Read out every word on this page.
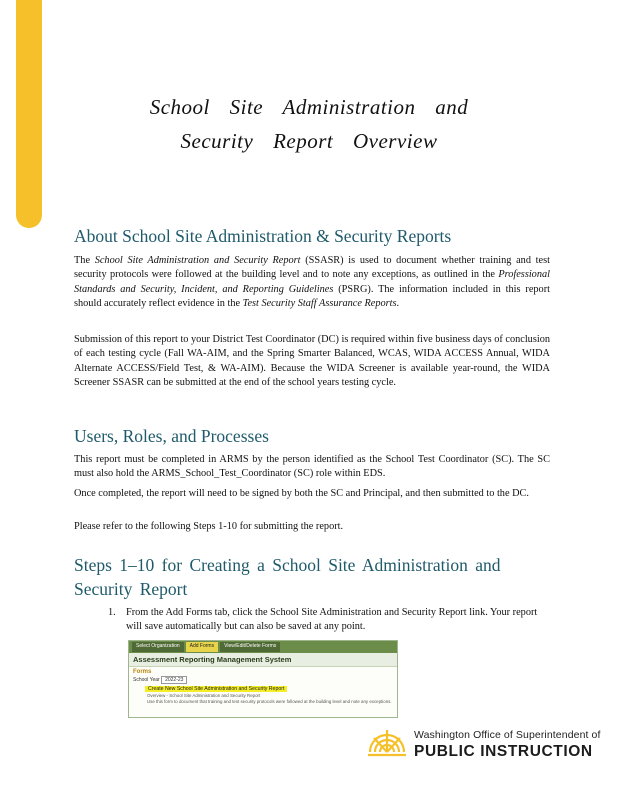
School Site Administration and
Security Report Overview
About School Site Administration & Security Reports

The School Site Administration and Security Report (SSASR) is used to document whether training and test security protocols were followed at the building level and to note any exceptions, as outlined in the Professional Standards and Security, Incident, and Reporting Guidelines (PSRG). The information included in this report should accurately reflect evidence in the Test Security Staff Assurance Reports.

Submission of this report to your District Test Coordinator (DC) is required within five business days of conclusion of each testing cycle (Fall WA-AIM, and the Spring Smarter Balanced, WCAS, WIDA ACCESS Annual, WIDA Alternate ACCESS/Field Test, & WA-AIM). Because the WIDA Screener is available year-round, the WIDA Screener SSASR can be submitted at the end of the school years testing cycle.

Users, Roles, and Processes

This report must be completed in ARMS by the person identified as the School Test Coordinator (SC). The SC must also hold the ARMS_School_Test_Coordinator (SC) role within EDS.

Once completed, the report will need to be signed by both the SC and Principal, and then submitted to the DC.

Please refer to the following Steps 1-10 for submitting the report.

Steps 1–10 for Creating a School Site Administration and Security Report
1. From the Add Forms tab, click the School Site Administration and Security Report link. Your report will save automatically but can also be saved at any point.
Select Organization	Add Forms	View/Edit/Delete Forms
Assessment Reporting Management System
Forms
School Year 2022-23
Create New School Site Administration and Security Report
Overview - School Site Administration and Security Report
Use this form to document that training and test security protocols were followed at the building level and note any exceptions.
Washington Office of Superintendent of
PUBLIC INSTRUCTION
